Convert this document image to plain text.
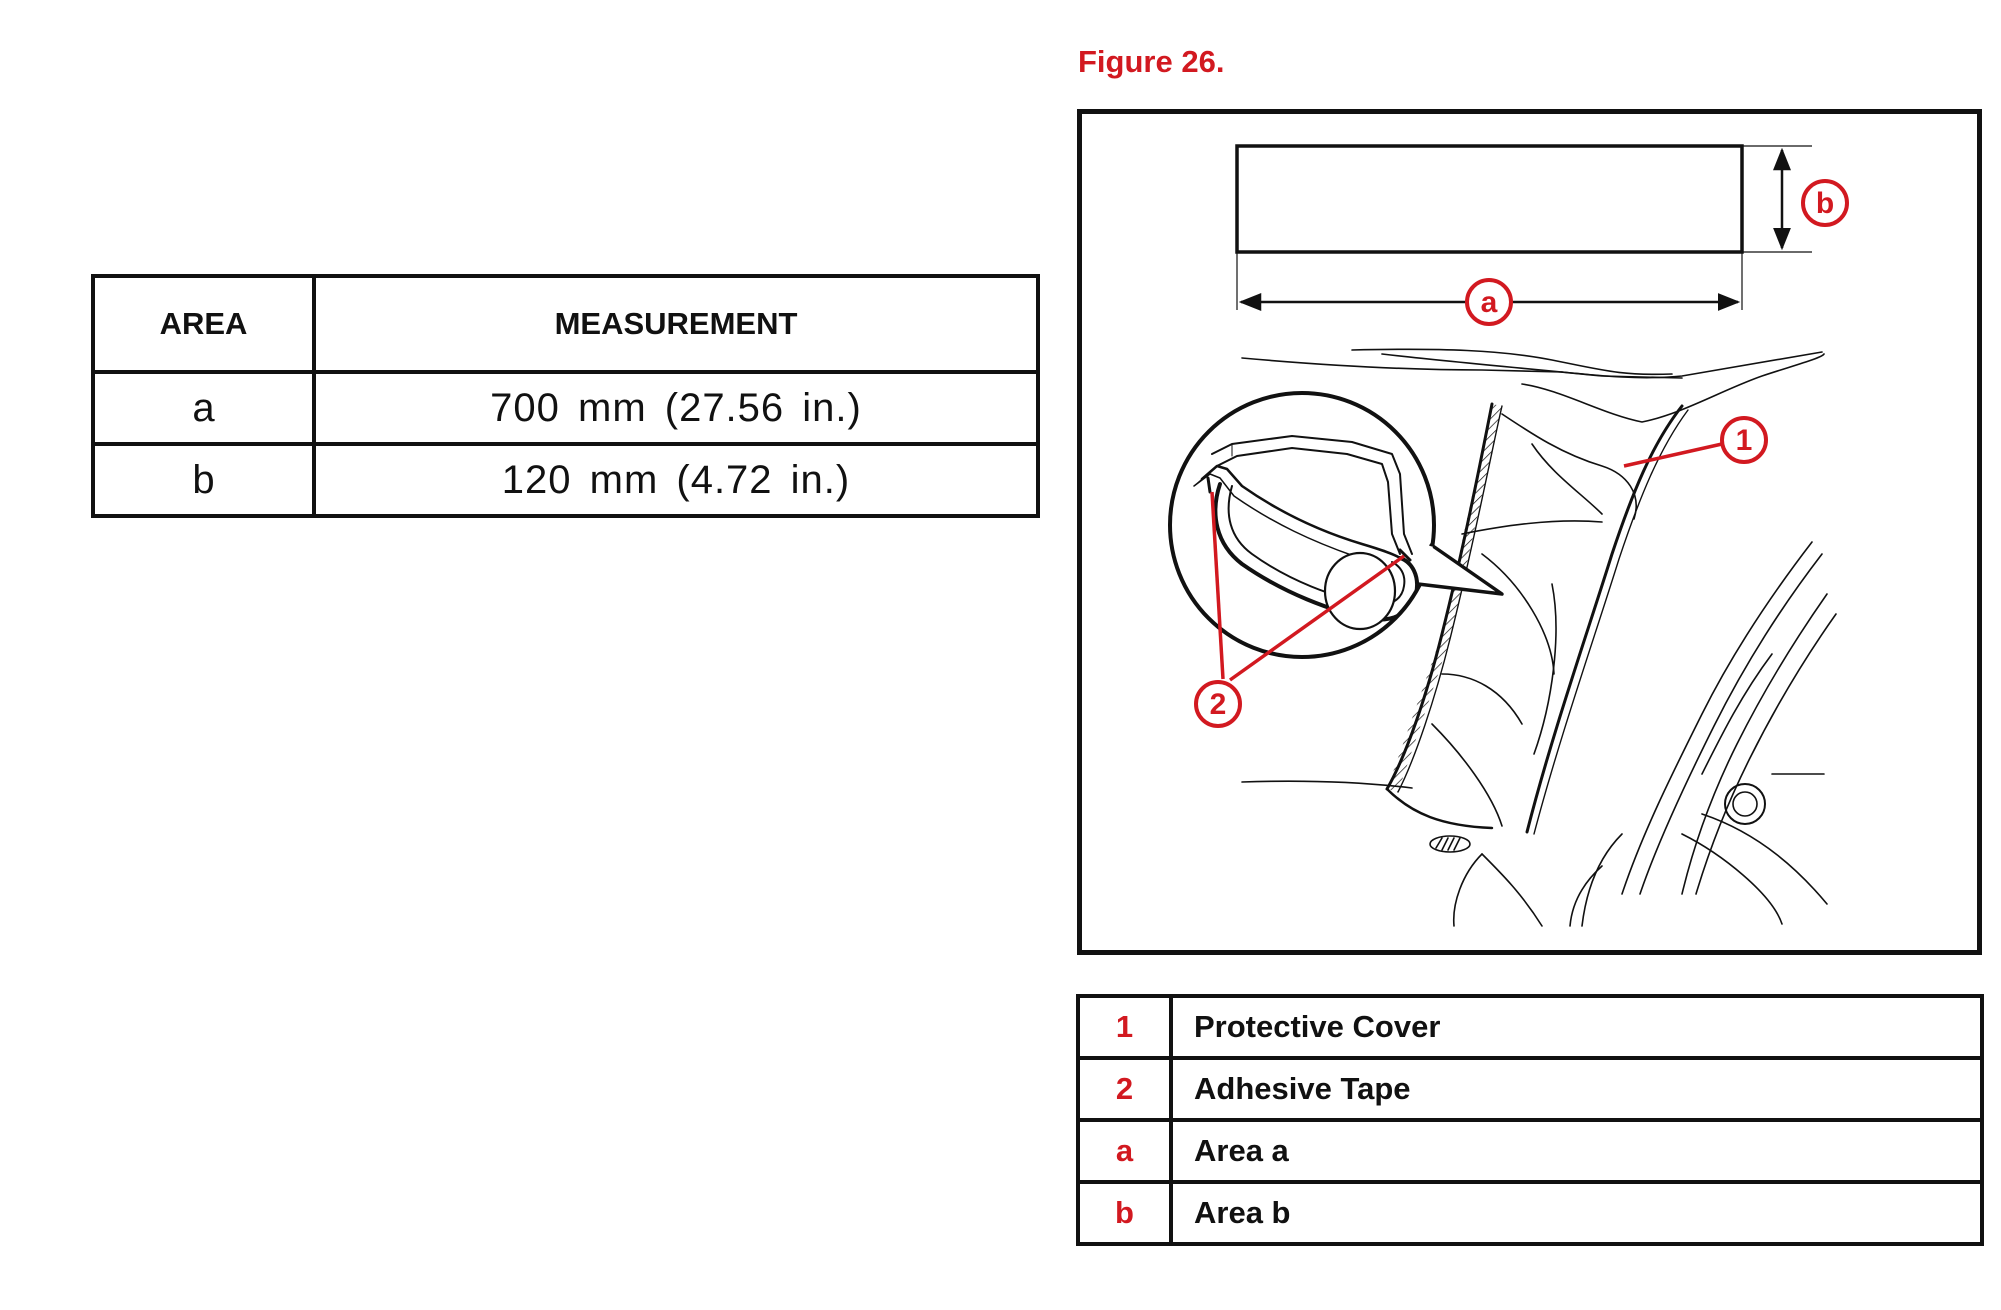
AREA	MEASUREMENT
a	700 mm (27.56 in.)
b	120 mm (4.72 in.)
Figure 26.
b
a
1
2
1	Protective Cover
2	Adhesive Tape
a	Area a
b	Area b
